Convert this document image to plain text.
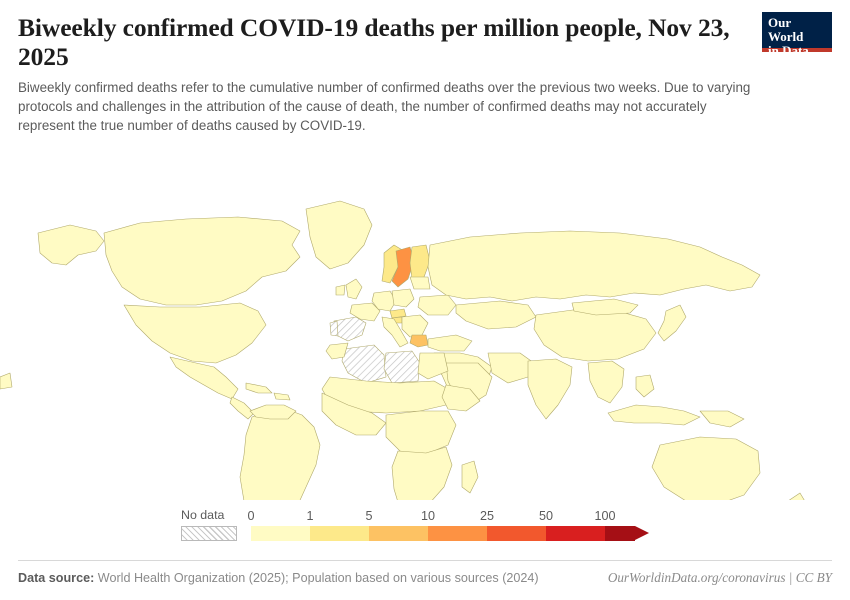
Biweekly confirmed COVID-19 deaths per million people, Nov 23, 2025

Biweekly confirmed deaths refer to the cumulative number of confirmed deaths over the previous two weeks. Due to varying protocols and challenges in the attribution of the cause of death, the number of confirmed deaths may not accurately represent the true number of deaths caused by COVID-19.

Our World
in Data
No data	0	1	5	10	25	50	100
Data source: World Health Organization (2025); Population based on various sources (2024)	OurWorldinData.org/coronavirus | CC BY
